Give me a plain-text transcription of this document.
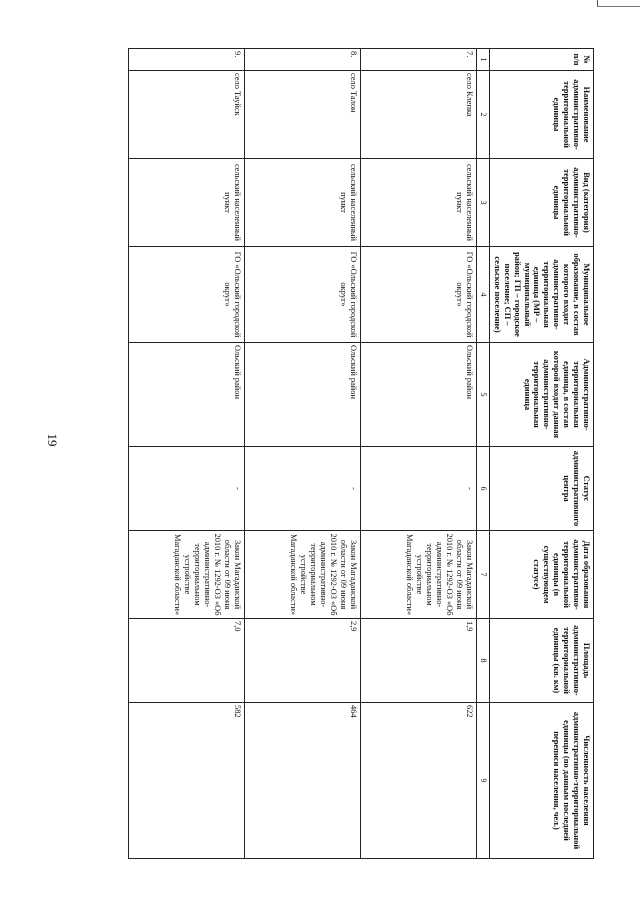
19
№ п/п	Наименование административно-территориальной единицы	Вид (категория) административно-территориальной единицы	Муниципальное образование, в состав которого входит административно-территориальная единица (МР – муниципальный район; ГП – городское поселение; СП – сельское поселение)	Административно-территориальная единица, в состав которой входит данная административно-территориальная единица	Статус административного центра	Дата образования административно-территориальной единицы (в существующем статусе)	Площадь административно-территориальной единицы (кв. км)	Численность населения административно-территориальной единицы (по данным последней переписи населения, чел.)
1	2	3	4	5	6	7	8	9
7.	село Клепка	сельский населенный пункт	ГО «Ольский городской округ»	Ольский район	-	Закон Магаданской области от 09 июня 2010 г. № 1292-ОЗ «Об административно-территориальном устройстве Магаданской области»	1,9	622
8.	село Талон	сельский населенный пункт	ГО «Ольский городской округ»	Ольский район	-	Закон Магаданской области от 09 июня 2010 г. № 1292-ОЗ «Об административно-территориальном устройстве Магаданской области»	2,9	464
9.	село Тауйск	сельский населенный пункт	ГО «Ольский городской округ»	Ольский район	-	Закон Магаданской области от 09 июня 2010 г. № 1292-ОЗ «Об административно-территориальном устройстве Магаданской области»	7,0	582
